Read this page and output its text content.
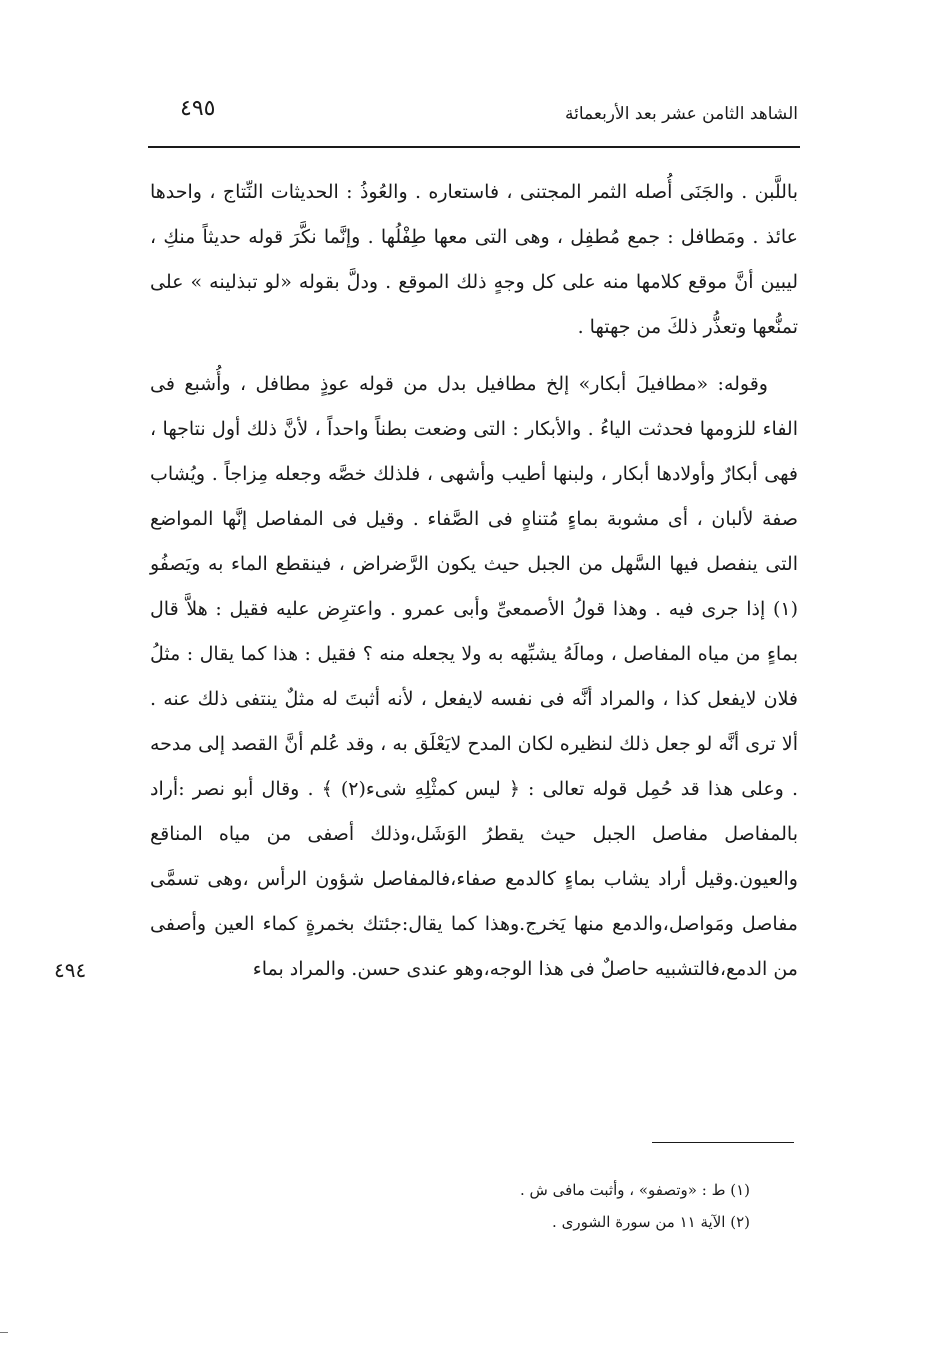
الشاهد الثامن عشر بعد الأربعمائة
٤٩٥

باللَّبن . والجَنَى أُصله الثمر المجتنى ، فاستعاره . والعُوذُ : الحديثات النِّتاج ، واحدها عائذ . ومَطافل : جمع مُطفِل ، وهى التى معها طِفْلُها . وإنَّما نكَّرَ قوله حديثاً منكِ ، ليبين أنَّ موقع كلامها منه على كل وجهٍ ذلك الموقع . ودلَّ بقوله «لو تبذلينه » على تمنُّعها وتعذُّر ذلكَ من جهتها .

وقوله: «مطافيلَ أبكار» إلخ مطافيل بدل من قوله عوذٍ مطافل ، وأُشبع فى الفاء للزومها فحدثت الياءُ . والأبكار : التى وضعت بطناً واحداً ، لأنَّ ذلك أول نتاجها ، فهى أبكارٌ وأولادها أبكار ، ولبنها أطيب وأشهى ، فلذلك خصَّه وجعله مِزاجاً . ويُشاب صفة لألبان ، أى مشوبة بماءٍ مُتناهٍ فى الصَّفاء . وقيل فى المفاصل إنَّها المواضع التى ينفصل فيها السَّهل من الجبل حيث يكون الرَّضراض ، فينقطع الماء به ويَصفُو (١) إذا جرى فيه . وهذا قولُ الأصمعىِّ وأبى عمرو . واعترِض عليه فقيل : هلاَّ قال بماءٍ من مياه المفاصل ، ومالَهُ يشبِّهه به ولا يجعله منه ؟ فقيل : هذا كما يقال : مثلُ فلان لايفعل كذا ، والمراد أنَّه فى نفسه لايفعل ، لأنه أثبتَ له مثلٌ ينتفى ذلك عنه . ألا ترى أنَّه لو جعل ذلك لنظيره لكان المدح لايَعْلَق به ، وقد عُلم أنَّ القصد إلى مدحه . وعلى هذا قد حُمِل قوله تعالى : ﴿ ليس كمثْلِهِ شىء(٢) ﴾ . وقال أبو نصر :أراد بالمفاصل مفاصل الجبل حيث يقطرُ الوَشَل،وذلك أصفى من مياه المناقع والعيون.وقيل أراد يشاب بماءٍ كالدمع صفاء،فالمفاصل شؤون الرأس ،وهى تسمَّى مفاصل ومَواصل،والدمع منها يَخرج.وهذا كما يقال:جئتك بخمرةٍ كماء العين وأصفى من الدمع،فالتشبيه حاصلٌ فى هذا الوجه،وهو عندى حسن. والمراد بماء

٤٩٤

(١) ط : «وتصفو» ، وأثبت مافى ش .

(٢) الآية ١١ من سورة الشورى .
